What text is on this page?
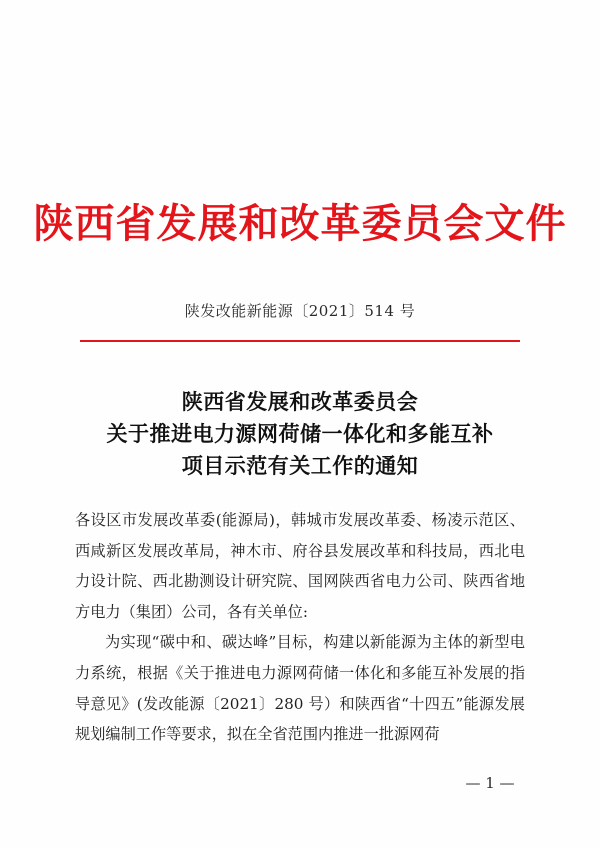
陕西省发展和改革委员会文件
陕发改能新能源〔2021〕514 号
陕西省发展和改革委员会
关于推进电力源网荷储一体化和多能互补
项目示范有关工作的通知

各设区市发展改革委(能源局)，韩城市发展改革委、杨凌示范区、西咸新区发展改革局，神木市、府谷县发展改革和科技局，西北电力设计院、西北勘测设计研究院、国网陕西省电力公司、陕西省地方电力（集团）公司，各有关单位:

为实现“碳中和、碳达峰”目标，构建以新能源为主体的新型电力系统，根据《关于推进电力源网荷储一体化和多能互补发展的指导意见》(发改能源〔2021〕280 号）和陕西省“十四五”能源发展规划编制工作等要求，拟在全省范围内推进一批源网荷

— 1 —
